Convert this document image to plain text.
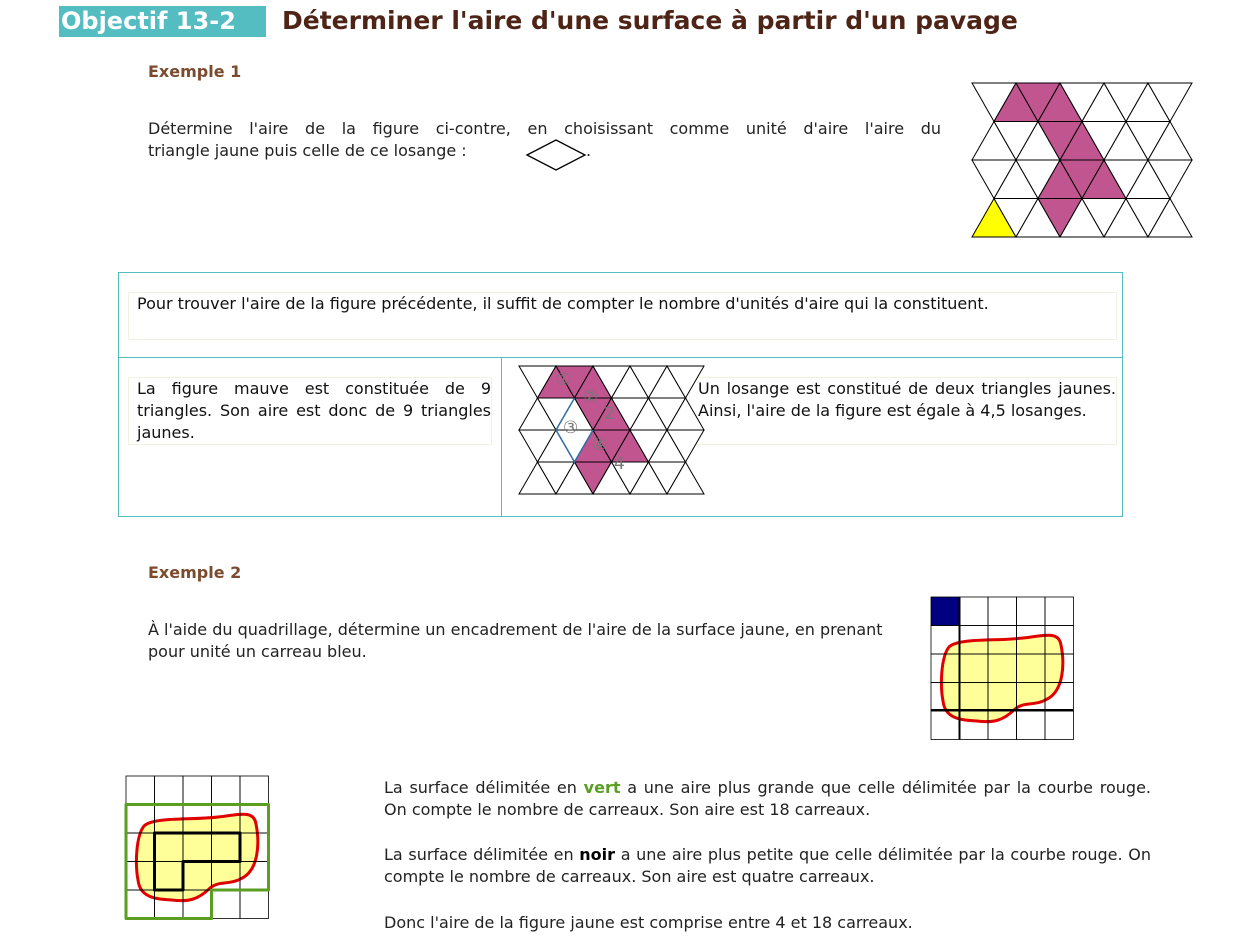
Objectif 13-2	Déterminer l'aire d'une surface à partir d'un pavage
Exemple 1
Détermine l'aire de la figure ci-contre, en choisissant comme unité d'aire l'aire du
triangle jaune puis celle de ce losange :	.
Pour trouver l'aire de la figure précédente, il suffit de compter le nombre d'unités d'aire qui la constituent.
La figure mauve est constituée de 9 triangles. Son aire est donc de 9 triangles jaunes.
Un losange est constitué de deux triangles jaunes. Ainsi, l'aire de la figure est égale à 4,5 losanges.
①
②
③
④
2
4
Exemple 2
À l'aide du quadrillage, détermine un encadrement de l'aire de la surface jaune, en prenant pour unité un carreau bleu.
La surface délimitée en vert a une aire plus grande que celle délimitée par la courbe rouge. On compte le nombre de carreaux. Son aire est 18 carreaux.
La surface délimitée en noir a une aire plus petite que celle délimitée par la courbe rouge. On compte le nombre de carreaux. Son aire est quatre carreaux.
Donc l'aire de la figure jaune est comprise entre 4 et 18 carreaux.
